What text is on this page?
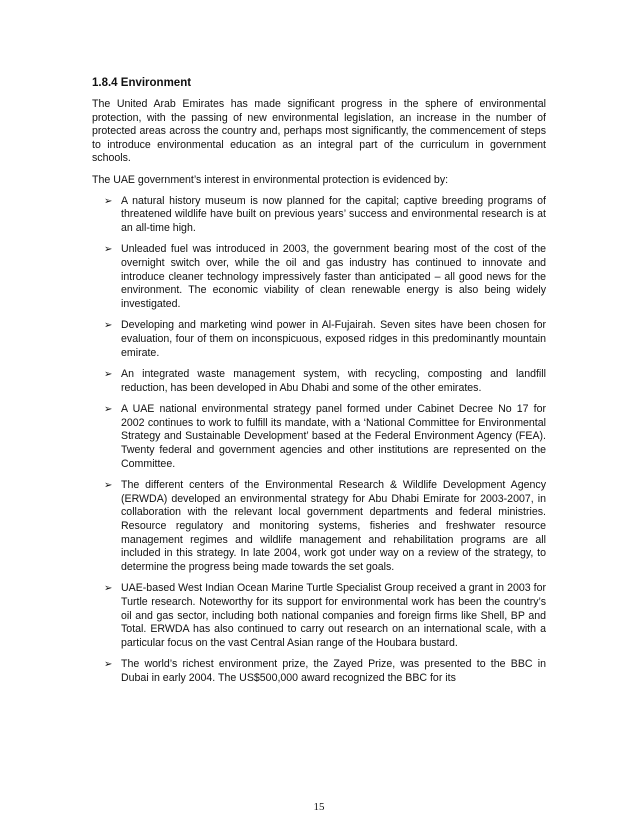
1.8.4 Environment

The United Arab Emirates has made significant progress in the sphere of environmental protection, with the passing of new environmental legislation, an increase in the number of protected areas across the country and, perhaps most significantly, the commencement of steps to introduce environmental education as an integral part of the curriculum in government schools.

The UAE government’s interest in environmental protection is evidenced by:

➢ A natural history museum is now planned for the capital; captive breeding programs of threatened wildlife have built on previous years’ success and environmental research is at an all-time high.
➢ Unleaded fuel was introduced in 2003, the government bearing most of the cost of the overnight switch over, while the oil and gas industry has continued to innovate and introduce cleaner technology impressively faster than anticipated – all good news for the environment. The economic viability of clean renewable energy is also being widely investigated.
➢ Developing and marketing wind power in Al-Fujairah. Seven sites have been chosen for evaluation, four of them on inconspicuous, exposed ridges in this predominantly mountain emirate.
➢ An integrated waste management system, with recycling, composting and landfill reduction, has been developed in Abu Dhabi and some of the other emirates.
➢ A UAE national environmental strategy panel formed under Cabinet Decree No 17 for 2002 continues to work to fulfill its mandate, with a ‘National Committee for Environmental Strategy and Sustainable Development’ based at the Federal Environment Agency (FEA). Twenty federal and government agencies and other institutions are represented on the Committee.
➢ The different centers of the Environmental Research & Wildlife Development Agency (ERWDA) developed an environmental strategy for Abu Dhabi Emirate for 2003-2007, in collaboration with the relevant local government departments and federal ministries. Resource regulatory and monitoring systems, fisheries and freshwater resource management regimes and wildlife management and rehabilitation programs are all included in this strategy. In late 2004, work got under way on a review of the strategy, to determine the progress being made towards the set goals.
➢ UAE-based West Indian Ocean Marine Turtle Specialist Group received a grant in 2003 for Turtle research. Noteworthy for its support for environmental work has been the country’s oil and gas sector, including both national companies and foreign firms like Shell, BP and Total. ERWDA has also continued to carry out research on an international scale, with a particular focus on the vast Central Asian range of the Houbara bustard.
➢ The world’s richest environment prize, the Zayed Prize, was presented to the BBC in Dubai in early 2004. The US$500,000 award recognized the BBC for its
15
